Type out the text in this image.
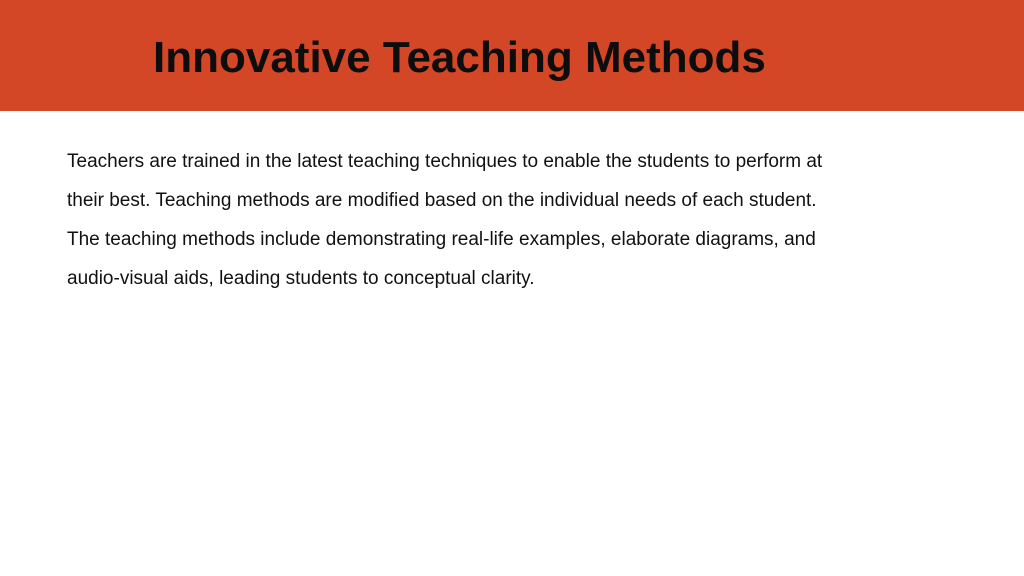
Innovative Teaching Methods

Teachers are trained in the latest teaching techniques to enable the students to perform at
their best. Teaching methods are modified based on the individual needs of each student.
The teaching methods include demonstrating real-life examples, elaborate diagrams, and
audio-visual aids, leading students to conceptual clarity.
